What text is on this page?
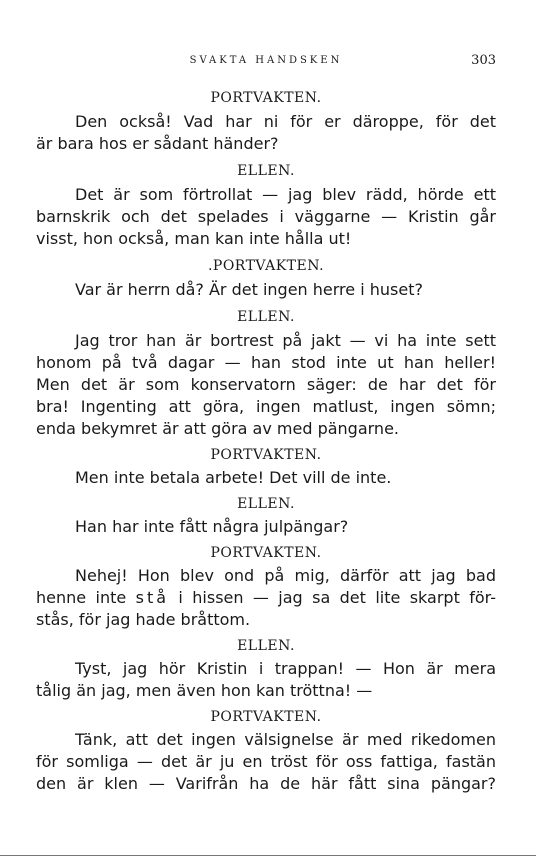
SVAKTA HANDSKEN	303
PORTVAKTEN.
Den också! Vad har ni för er däroppe, för det
är bara hos er sådant händer?
ELLEN.
Det är som förtrollat — jag blev rädd, hörde ett
barnskrik och det spelades i väggarne — Kristin går
visst, hon också, man kan inte hålla ut!
.PORTVAKTEN.
Var är herrn då? Är det ingen herre i huset?
ELLEN.
Jag tror han är bortrest på jakt — vi ha inte sett
honom på två dagar — han stod inte ut han heller!
Men det är som konservatorn säger: de har det för
bra! Ingenting att göra, ingen matlust, ingen sömn;
enda bekymret är att göra av med pängarne.
PORTVAKTEN.
Men inte betala arbete! Det vill de inte.
ELLEN.
Han har inte fått några julpängar?
PORTVAKTEN.
Nehej! Hon blev ond på mig, därför att jag bad
henne inte stå i hissen — jag sa det lite skarpt för-
stås, för jag hade bråttom.
ELLEN.
Tyst, jag hör Kristin i trappan! — Hon är mera
tålig än jag, men även hon kan tröttna! —
PORTVAKTEN.
Tänk, att det ingen välsignelse är med rikedomen
för somliga — det är ju en tröst för oss fattiga, fastän
den är klen — Varifrån ha de här fått sina pängar?
